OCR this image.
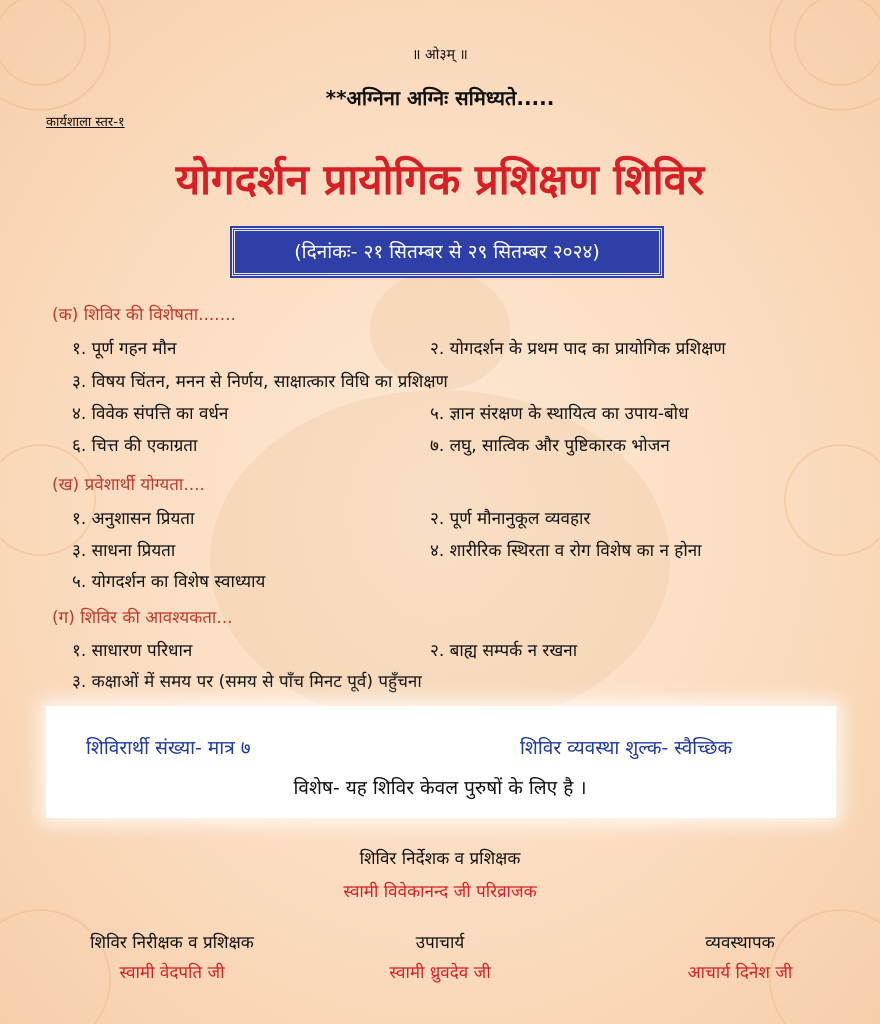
॥ ओ३म् ॥
**अग्निना अग्निः समिध्यते.....
कार्यशाला स्तर-१
योगदर्शन प्रायोगिक प्रशिक्षण शिविर
(दिनांकः- २१ सितम्बर से २९ सितम्बर २०२४)
(क) शिविर की विशेषता.......
१. पूर्ण गहन मौन	२. योगदर्शन के प्रथम पाद का प्रायोगिक प्रशिक्षण
३. विषय चिंतन, मनन से निर्णय, साक्षात्कार विधि का प्रशिक्षण
४. विवेक संपत्ति का वर्धन	५. ज्ञान संरक्षण के स्थायित्व का उपाय-बोध
६. चित्त की एकाग्रता	७. लघु, सात्विक और पुष्टिकारक भोजन
(ख) प्रवेशार्थी योग्यता....
१. अनुशासन प्रियता	२. पूर्ण मौनानुकूल व्यवहार
३. साधना प्रियता	४. शारीरिक स्थिरता व रोग विशेष का न होना
५. योगदर्शन का विशेष स्वाध्याय
(ग) शिविर की आवश्यकता...
१. साधारण परिधान	२. बाह्य सम्पर्क न रखना
३. कक्षाओं में समय पर (समय से पाँच मिनट पूर्व) पहुँचना
शिविरार्थी संख्या- मात्र ७	शिविर व्यवस्था शुल्क- स्वैच्छिक
विशेष- यह शिविर केवल पुरुषों के लिए है ।
शिविर निर्देशक व प्रशिक्षक
स्वामी विवेकानन्द जी परिव्राजक
शिविर निरीक्षक व प्रशिक्षक
स्वामी वेदपति जी
उपाचार्य
स्वामी ध्रुवदेव जी
व्यवस्थापक
आचार्य दिनेश जी
